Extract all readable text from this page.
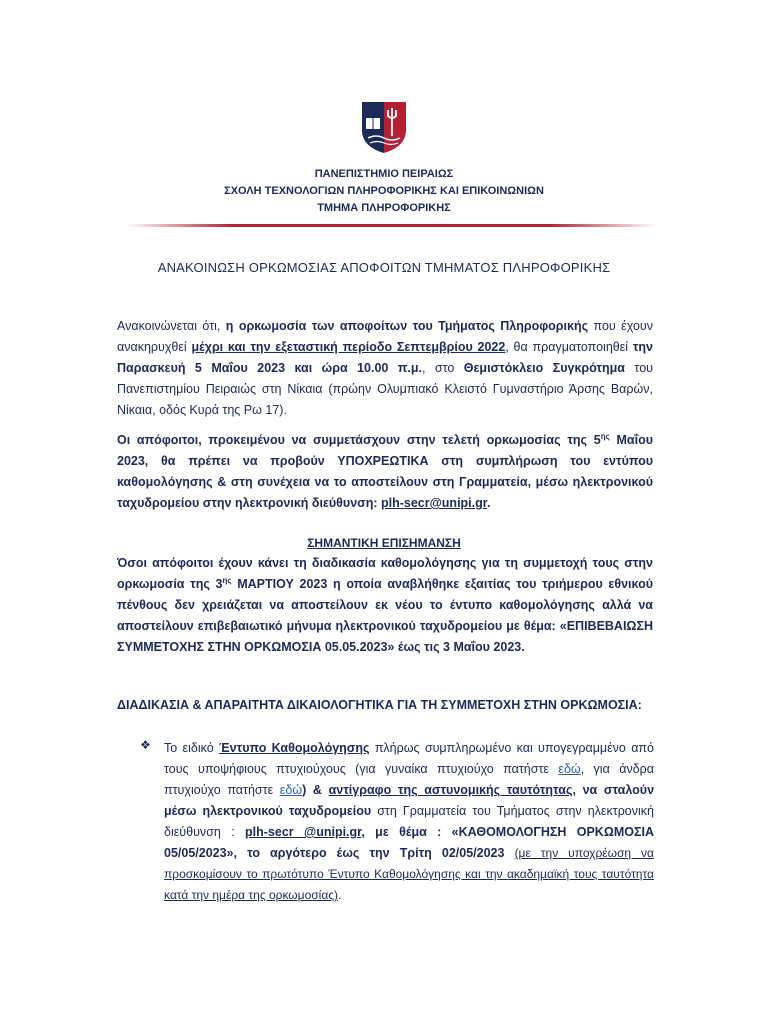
ΠΑΝΕΠΙΣΤΗΜΙΟ ΠΕΙΡΑΙΩΣ
ΣΧΟΛΗ ΤΕΧΝΟΛΟΓΙΩΝ ΠΛΗΡΟΦΟΡΙΚΗΣ ΚΑΙ ΕΠΙΚΟΙΝΩΝΙΩΝ
ΤΜΗΜΑ ΠΛΗΡΟΦΟΡΙΚΗΣ
ΑΝΑΚΟΙΝΩΣΗ ΟΡΚΩΜΟΣΙΑΣ ΑΠΟΦΟΙΤΩΝ ΤΜΗΜΑΤΟΣ ΠΛΗΡΟΦΟΡΙΚΗΣ
Ανακοινώνεται ότι, η ορκωμοσία των αποφοίτων του Τμήματος Πληροφορικής που έχουν ανακηρυχθεί μέχρι και την εξεταστική περίοδο Σεπτεμβρίου 2022, θα πραγματοποιηθεί την Παρασκευή 5 Μαΐου 2023 και ώρα 10.00 π.μ., στο Θεμιστόκλειο Συγκρότημα του Πανεπιστημίου Πειραιώς στη Νίκαια (πρώην Ολυμπιακό Κλειστό Γυμναστήριο Άρσης Βαρών, Νίκαια, οδός Κυρά της Ρω 17).
Οι απόφοιτοι, προκειμένου να συμμετάσχουν στην τελετή ορκωμοσίας της $5^{\eta\varsigma}$ Μαΐου 2023, θα πρέπει να προβούν ΥΠΟΧΡΕΩΤΙΚΑ στη συμπλήρωση του εντύπου καθομολόγησης & στη συνέχεια να το αποστείλουν στη Γραμματεία, μέσω ηλεκτρονικού ταχυδρομείου στην ηλεκτρονική διεύθυνση: plh-secr@unipi.gr.
ΣΗΜΑΝΤΙΚΗ ΕΠΙΣΗΜΑΝΣΗ
Όσοι απόφοιτοι έχουν κάνει τη διαδικασία καθομολόγησης για τη συμμετοχή τους στην ορκωμοσία της $3^{\eta\varsigma}$ ΜΑΡΤΙΟΥ 2023 η οποία αναβλήθηκε εξαιτίας του τριήμερου εθνικού πένθους δεν χρειάζεται να αποστείλουν εκ νέου το έντυπο καθομολόγησης αλλά να αποστείλουν επιβεβαιωτικό μήνυμα ηλεκτρονικού ταχυδρομείου με θέμα: «ΕΠΙΒΕΒΑΙΩΣΗ ΣΥΜΜΕΤΟΧΗΣ ΣΤΗΝ ΟΡΚΩΜΟΣΙΑ 05.05.2023» έως τις 3 Μαΐου 2023.
ΔΙΑΔΙΚΑΣΙΑ & ΑΠΑΡΑΙΤΗΤΑ ΔΙΚΑΙΟΛΟΓΗΤΙΚΑ ΓΙΑ ΤΗ ΣΥΜΜΕΤΟΧΗ ΣΤΗΝ ΟΡΚΩΜΟΣΙΑ:
❖ Το ειδικό Έντυπο Καθομολόγησης πλήρως συμπληρωμένο και υπογεγραμμένο από τους υποψήφιους πτυχιούχους (για γυναίκα πτυχιούχο πατήστε εδώ, για άνδρα πτυχιούχο πατήστε εδώ) & αντίγραφο της αστυνομικής ταυτότητας, να σταλούν μέσω ηλεκτρονικού ταχυδρομείου στη Γραμματεία του Τμήματος στην ηλεκτρονική διεύθυνση : plh-secr @unipi.gr, με θέμα : «ΚΑΘΟΜΟΛΟΓΗΣΗ ΟΡΚΩΜΟΣΙΑ 05/05/2023», το αργότερο έως την Τρίτη 02/05/2023 (με την υποχρέωση να προσκομίσουν το πρωτότυπο Έντυπο Καθομολόγησης και την ακαδημαϊκή τους ταυτότητα κατά την ημέρα της ορκωμοσίας).
